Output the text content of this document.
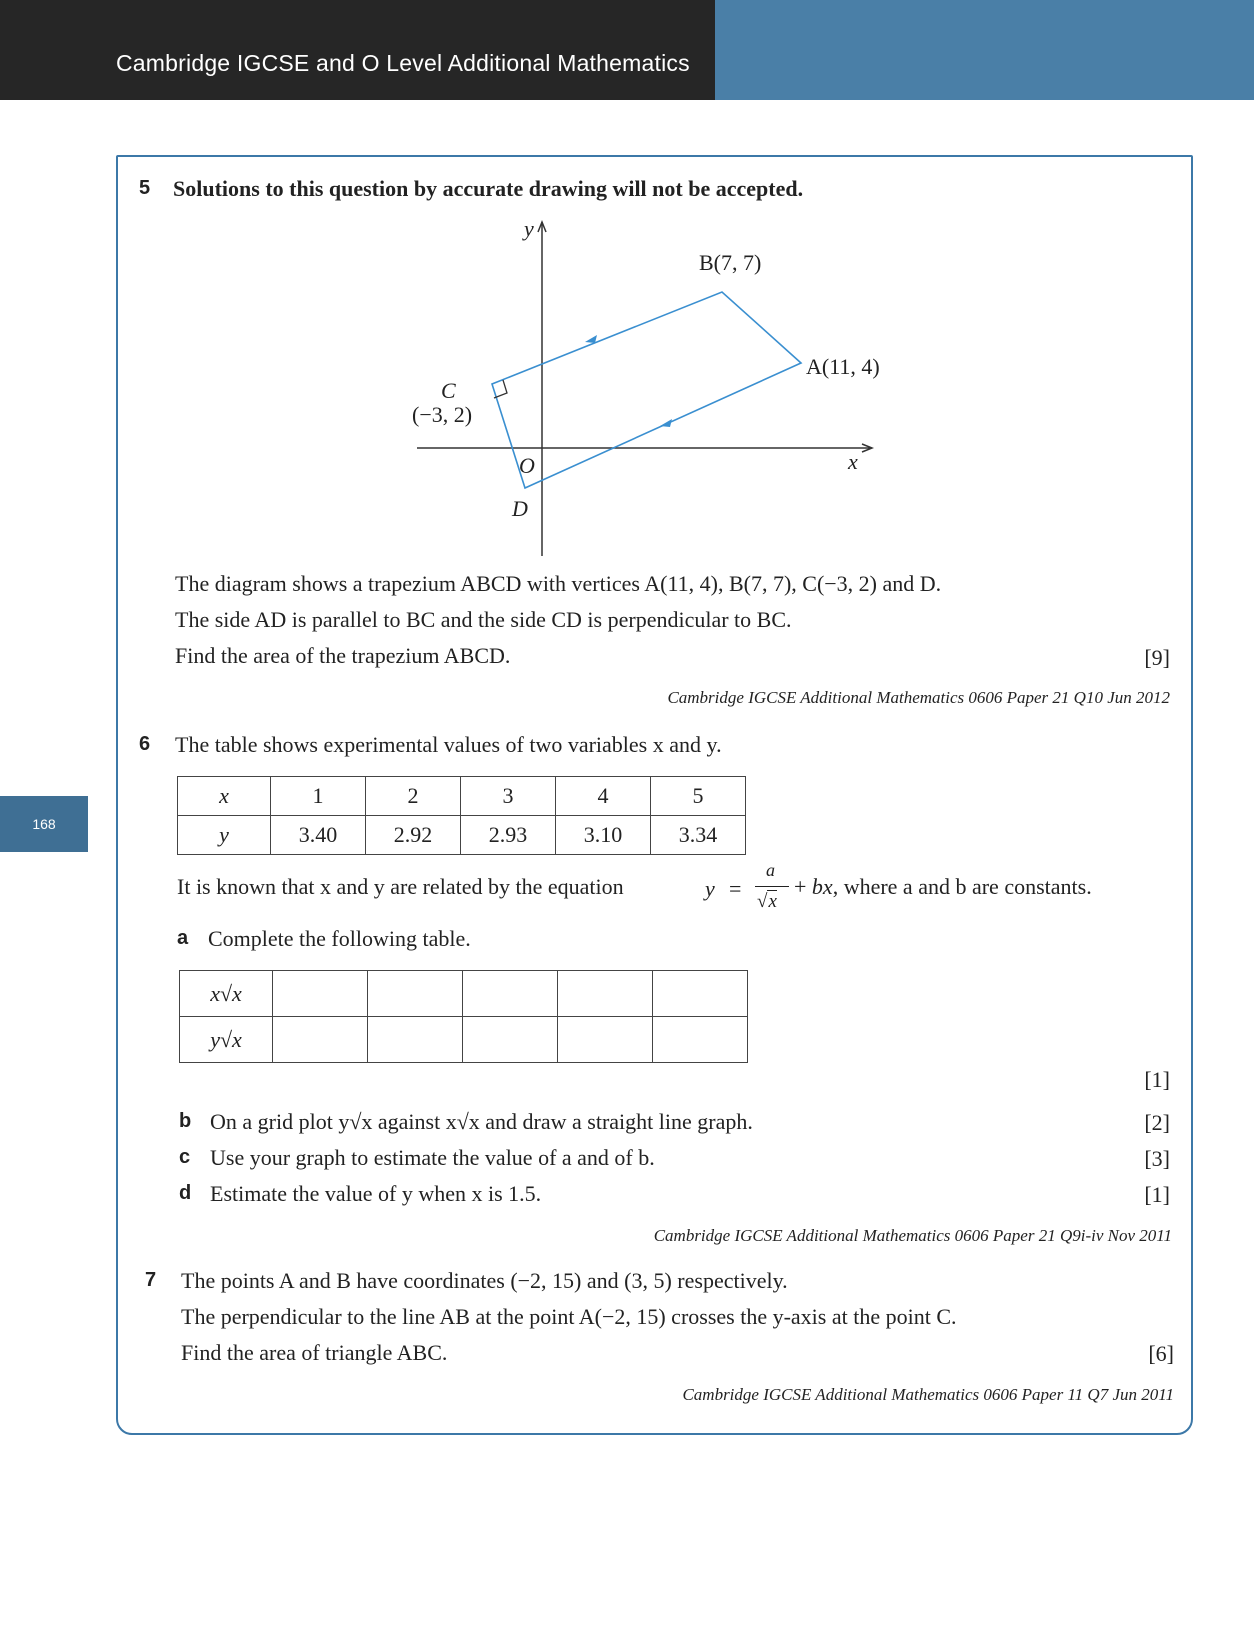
Cambridge IGCSE and O Level Additional Mathematics
168
5 Solutions to this question by accurate drawing will not be accepted.
y
x
O
B(7, 7)
A(11, 4)
C
(−3, 2)
D
The diagram shows a trapezium ABCD with vertices A(11, 4), B(7, 7), C(−3, 2) and D.
The side AD is parallel to BC and the side CD is perpendicular to BC.
Find the area of the trapezium ABCD.	[9]
Cambridge IGCSE Additional Mathematics 0606 Paper 21 Q10 Jun 2012
6 The table shows experimental values of two variables x and y.
x	1	2	3	4	5
y	3.40	2.92	2.93	3.10	3.34
It is known that x and y are related by the equation	y =
a
√x
+ bx, where a and b are constants.
a Complete the following table.
x√x					
y√x					
[1]
b On a grid plot y√x against x√x and draw a straight line graph.	[2]
c Use your graph to estimate the value of a and of b.	[3]
d Estimate the value of y when x is 1.5.	[1]
Cambridge IGCSE Additional Mathematics 0606 Paper 21 Q9i-iv Nov 2011
7 The points A and B have coordinates (−2, 15) and (3, 5) respectively.
The perpendicular to the line AB at the point A(−2, 15) crosses the y-axis at the point C.
Find the area of triangle ABC.	[6]
Cambridge IGCSE Additional Mathematics 0606 Paper 11 Q7 Jun 2011
